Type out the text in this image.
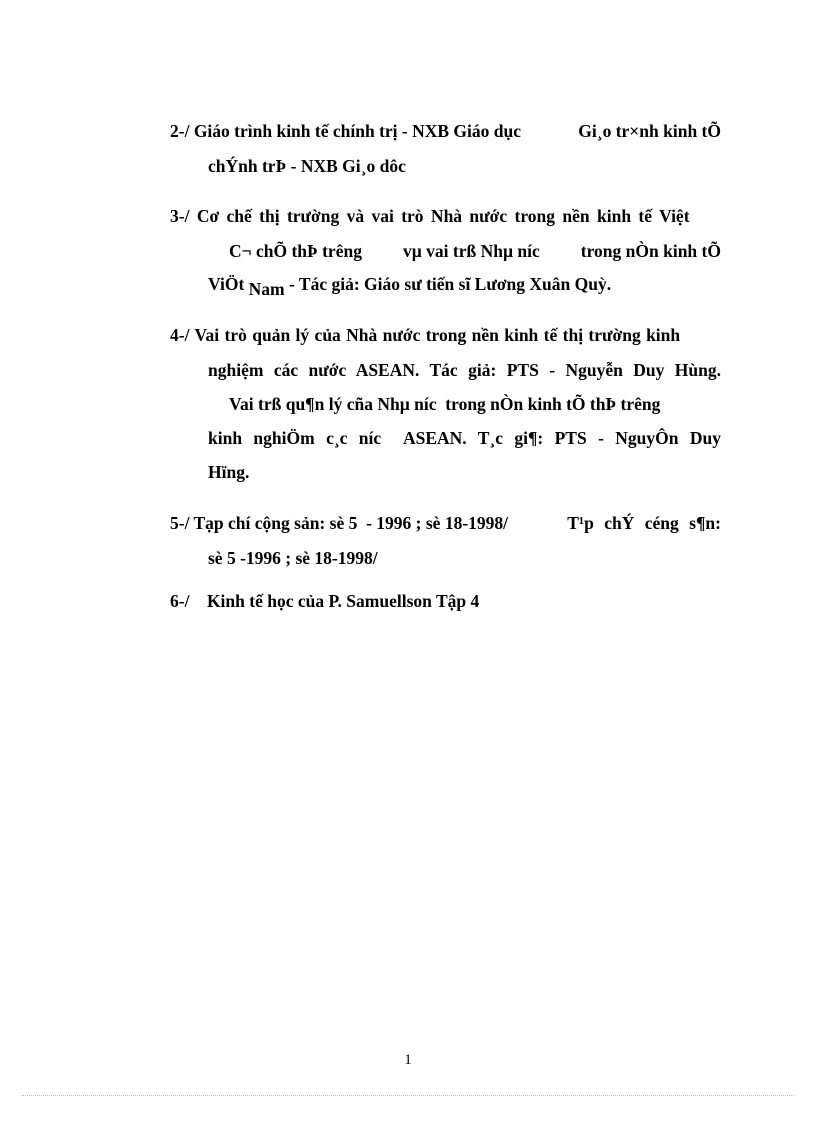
2-/ Giáo trình kinh tế chính trị - NXB Giáo dục	Gi¸o tr×nh kinh tÕ
chÝnh trÞ - NXB Gi¸o dôc
3-/ Cơ chế thị trường và vai trò Nhà nước trong nền kinh tế Việt
C¬ chÕ thÞ trêng vµ vai trß Nhµ níc trong nÒn kinh tÕ
ViÖt Nam - Tác giả: Giáo sư tiến sĩ Lương Xuân Quỳ.
4-/ Vai trò quản lý của Nhà nước trong nền kinh tế thị trường kinh
nghiệm các nước ASEAN. Tác giả: PTS - Nguyễn Duy Hùng.
Vai trß qu¶n lý cña Nhµ níc  trong nÒn kinh tÕ thÞ trêng
kinh nghiÖm c¸c níc  ASEAN. T¸c gi¶: PTS - NguyÔn Duy
Hïng.
5-/ Tạp chí cộng sản: sè 5  - 1996 ; sè 18-1998/	T¹p chÝ céng s¶n:
sè 5 -1996 ; sè 18-1998/
6-/    Kinh tế học của P. Samuellson Tập 4
1
